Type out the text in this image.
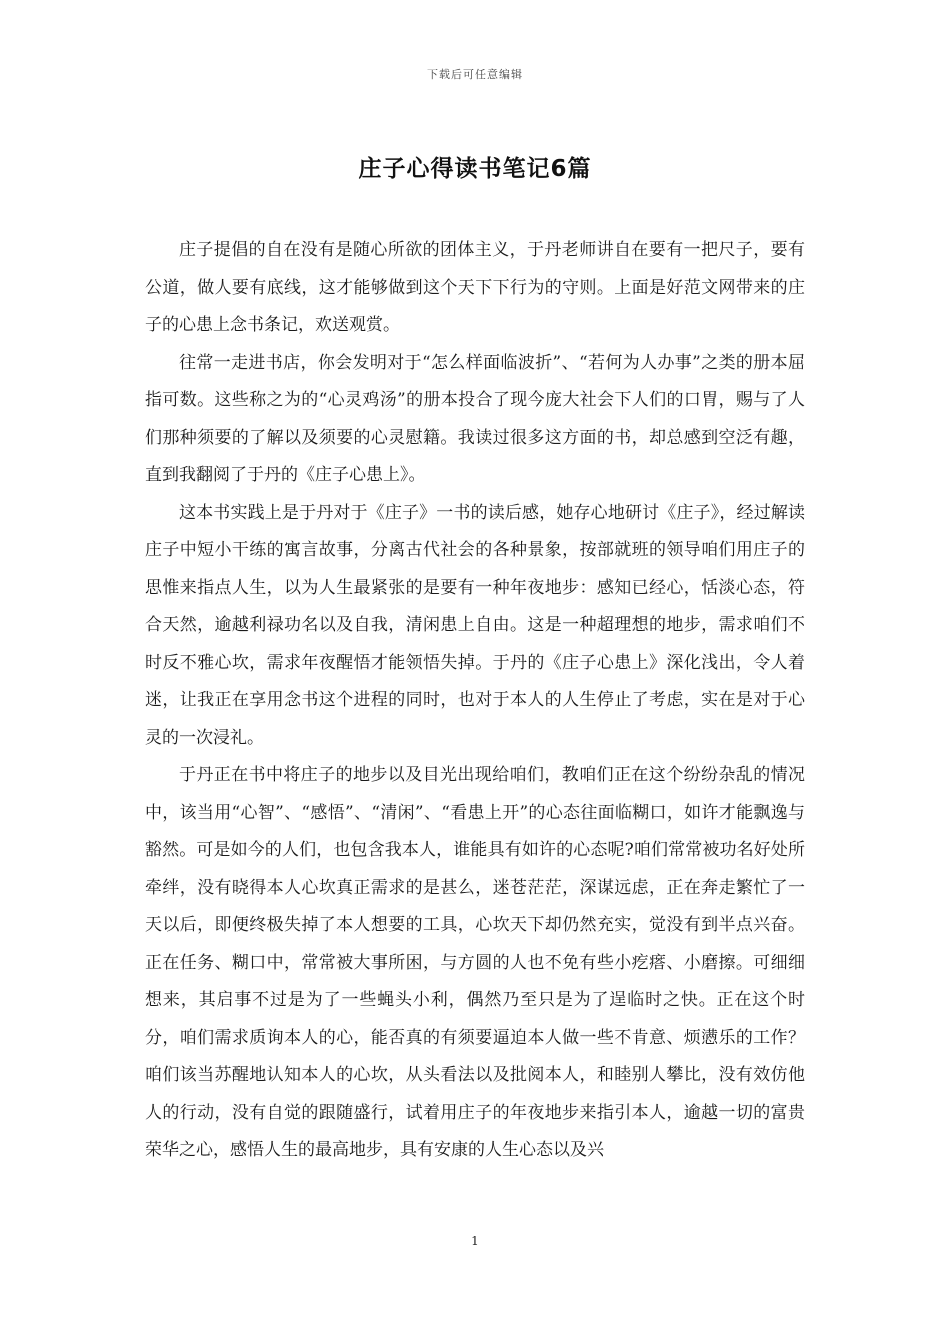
下载后可任意编辑
庄子心得读书笔记6篇

庄子提倡的自在没有是随心所欲的团体主义，于丹老师讲自在要有一把尺子，要有公道，做人要有底线，这才能够做到这个天下下行为的守则。上面是好范文网带来的庄子的心患上念书条记，欢送观赏。

往常一走进书店，你会发明对于“怎么样面临波折”、“若何为人办事”之类的册本屈指可数。这些称之为的“心灵鸡汤”的册本投合了现今庞大社会下人们的口胃，赐与了人们那种须要的了解以及须要的心灵慰籍。我读过很多这方面的书，却总感到空泛有趣，直到我翻阅了于丹的《庄子心患上》。

这本书实践上是于丹对于《庄子》一书的读后感，她存心地研讨《庄子》，经过解读庄子中短小干练的寓言故事，分离古代社会的各种景象，按部就班的领导咱们用庄子的思惟来指点人生，以为人生最紧张的是要有一种年夜地步：感知已经心，恬淡心态，符合天然，逾越利禄功名以及自我，清闲患上自由。这是一种超理想的地步，需求咱们不时反不雅心坎，需求年夜醒悟才能领悟失掉。于丹的《庄子心患上》深化浅出，令人着迷，让我正在享用念书这个进程的同时，也对于本人的人生停止了考虑，实在是对于心灵的一次浸礼。

于丹正在书中将庄子的地步以及目光出现给咱们，教咱们正在这个纷纷杂乱的情况中，该当用“心智”、“感悟”、“清闲”、“看患上开”的心态往面临糊口，如许才能飘逸与豁然。可是如今的人们，也包含我本人，谁能具有如许的心态呢?咱们常常被功名好处所牵绊，没有晓得本人心坎真正需求的是甚么，迷苍茫茫，深谋远虑，正在奔走繁忙了一天以后，即便终极失掉了本人想要的工具，心坎天下却仍然充实，觉没有到半点兴奋。正在任务、糊口中，常常被大事所困，与方圆的人也不免有些小疙瘩、小磨擦。可细细想来，其启事不过是为了一些蝇头小利，偶然乃至只是为了逞临时之快。正在这个时分，咱们需求质询本人的心，能否真的有须要逼迫本人做一些不肯意、烦懑乐的工作？咱们该当苏醒地认知本人的心坎，从头看法以及批阅本人，和睦别人攀比，没有效仿他人的行动，没有自觉的跟随盛行，试着用庄子的年夜地步来指引本人，逾越一切的富贵荣华之心，感悟人生的最高地步，具有安康的人生心态以及兴

1
